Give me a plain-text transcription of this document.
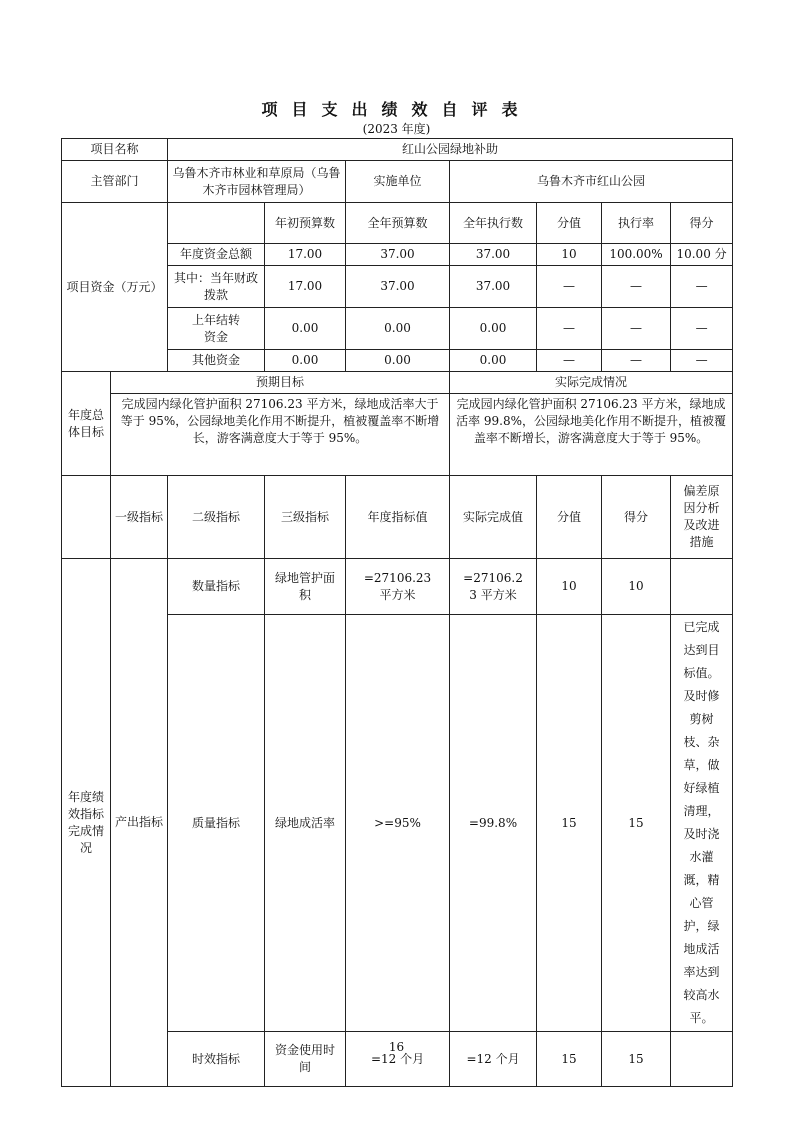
项目支出绩效自评表
(2023 年度)
项目名称		红山公园绿地补助						
主管部门		乌鲁木齐市林业和草原局（乌鲁木齐市园林管理局）		实施单位	乌鲁木齐市红山公园			
项目资金（万元）			年初预算数	全年预算数	全年执行数	分值	执行率	得分
		年度资金总额	17.00	37.00	37.00	10	100.00%	10.00 分
		其中：当年财政拨款	17.00	37.00	37.00	—	—	—
		上年结转资金	0.00	0.00	0.00	—	—	—
		其他资金	0.00	0.00	0.00	—	—	—
年度总体目标	预期目标				实际完成情况			
	完成园内绿化管护面积 27106.23 平方米，绿地成活率大于等于 95%，公园绿地美化作用不断提升，植被覆盖率不断增长，游客满意度大于等于 95%。				完成园内绿化管护面积 27106.23 平方米，绿地成活率 99.8%，公园绿地美化作用不断提升，植被覆盖率不断增长，游客满意度大于等于 95%。			
	一级指标	二级指标	三级指标	年度指标值	实际完成值	分值	得分	偏差原因分析及改进措施
年度绩效指标完成情况	产出指标	数量指标	绿地管护面积	=27106.23 平方米	=27106.23 平方米	10	10	
		质量指标	绿地成活率	>=95%	=99.8%	15	15	已完成达到目标值。及时修剪树枝、杂草，做好绿植清理，及时浇水灌溉，精心管护，绿地成活率达到较高水平。
		时效指标	资金使用时间	=12 个月	=12 个月	15	15	
16
